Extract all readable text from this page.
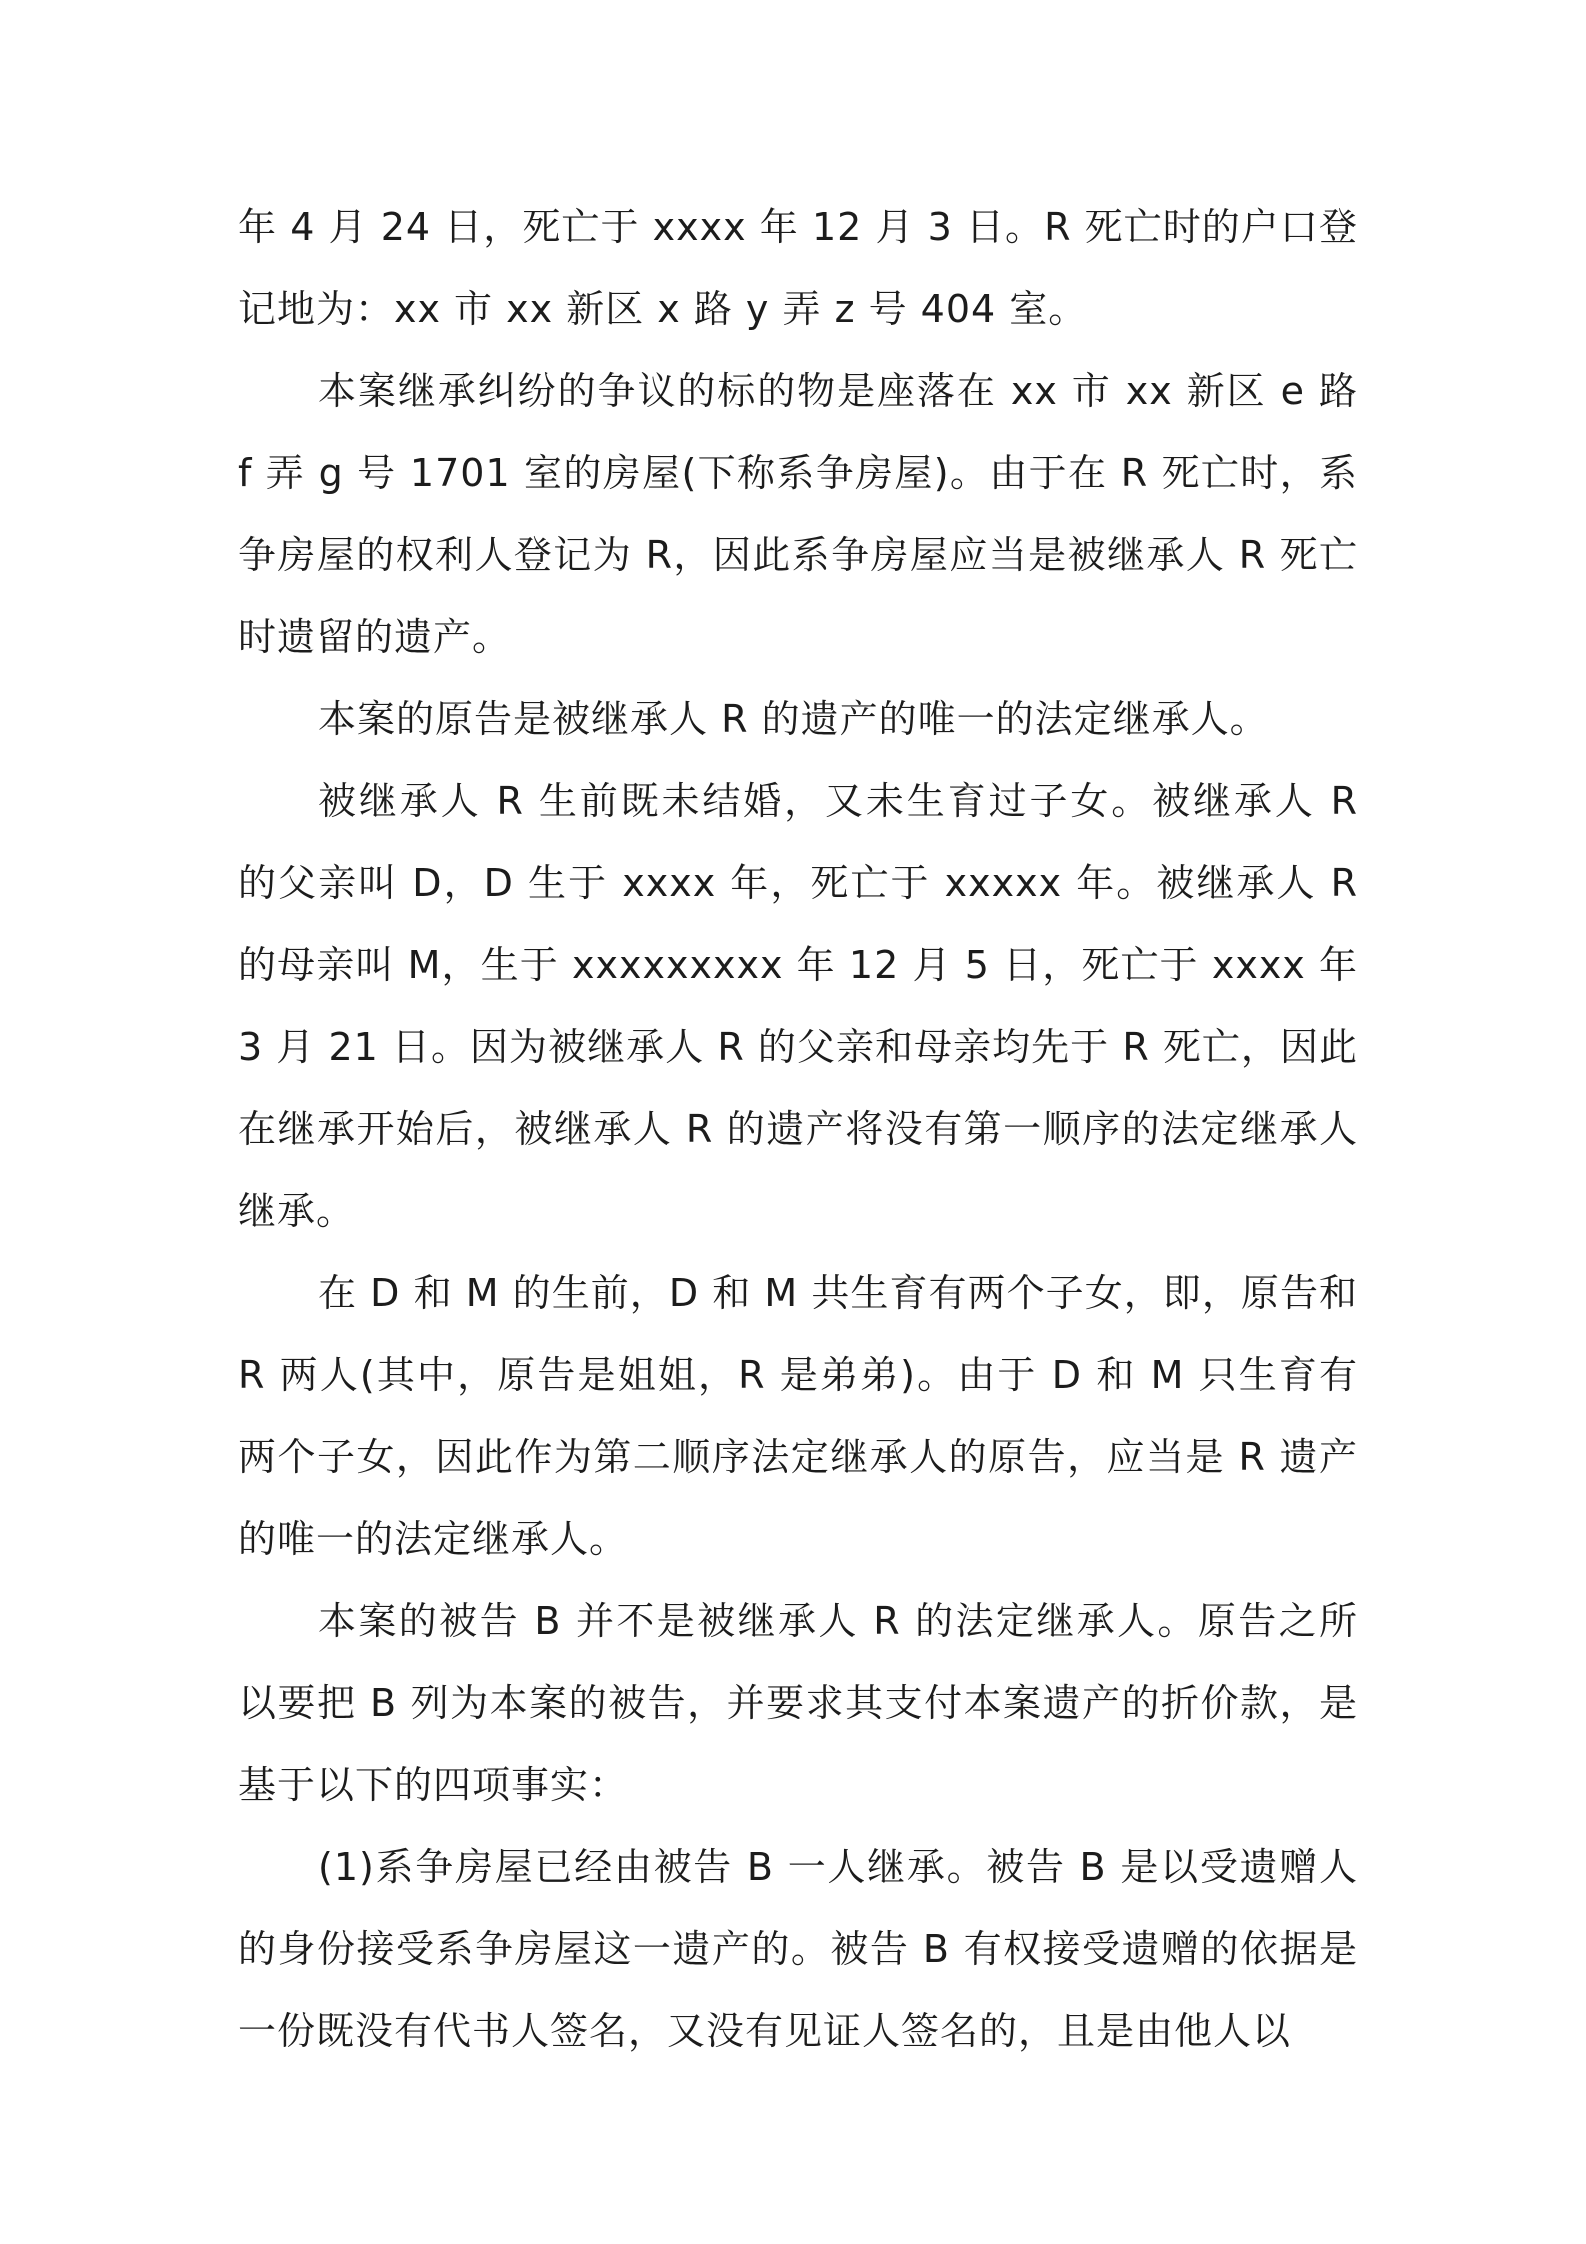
年 4 月 24 日，死亡于 xxxx 年 12 月 3 日。R 死亡时的户口登记地为：xx 市 xx 新区 x 路 y 弄 z 号 404 室。

本案继承纠纷的争议的标的物是座落在 xx 市 xx 新区 e 路 f 弄 g 号 1701 室的房屋(下称系争房屋)。由于在 R 死亡时，系争房屋的权利人登记为 R，因此系争房屋应当是被继承人 R 死亡时遗留的遗产。

本案的原告是被继承人 R 的遗产的唯一的法定继承人。

被继承人 R 生前既未结婚，又未生育过子女。被继承人 R 的父亲叫 D，D 生于 xxxx 年，死亡于 xxxxx 年。被继承人 R 的母亲叫 M，生于 xxxxxxxxx 年 12 月 5 日，死亡于 xxxx 年 3 月 21 日。因为被继承人 R 的父亲和母亲均先于 R 死亡，因此在继承开始后，被继承人 R 的遗产将没有第一顺序的法定继承人继承。

在 D 和 M 的生前，D 和 M 共生育有两个子女，即，原告和 R 两人(其中，原告是姐姐，R 是弟弟)。由于 D 和 M 只生育有两个子女，因此作为第二顺序法定继承人的原告，应当是 R 遗产的唯一的法定继承人。

本案的被告 B 并不是被继承人 R 的法定继承人。原告之所以要把 B 列为本案的被告，并要求其支付本案遗产的折价款，是基于以下的四项事实：

(1)系争房屋已经由被告 B 一人继承。被告 B 是以受遗赠人的身份接受系争房屋这一遗产的。被告 B 有权接受遗赠的依据是一份既没有代书人签名，又没有见证人签名的，且是由他人以
